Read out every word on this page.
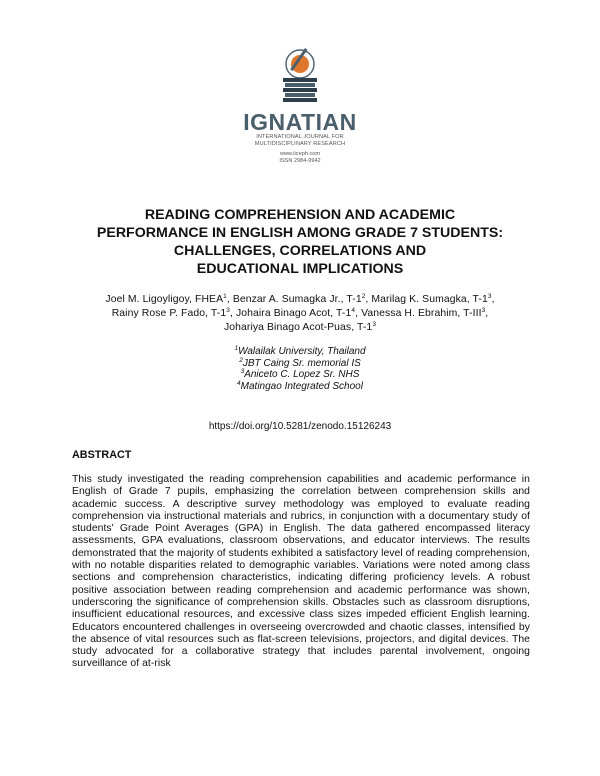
IGNATIAN
INTERNATIONAL JOURNAL FOR
MULTIDISCIPLINARY RESEARCH
www.iiceph.com
ISSN 2984-9942
READING COMPREHENSION AND ACADEMIC
PERFORMANCE IN ENGLISH AMONG GRADE 7 STUDENTS:
CHALLENGES, CORRELATIONS AND
EDUCATIONAL IMPLICATIONS
Joel M. Ligoyligoy, FHEA$^1$, Benzar A. Sumagka Jr., $T-1^2$, Marilag K. Sumagka, $T-1^3$,
Rainy Rose P. Fado, $T-1^3$, Johaira Binago Acot, $T-1^4$, Vanessa H. Ebrahim, T-III$^3$,
Johariya Binago Acot-Puas, $T-1^3$
$^1$Walailak University, Thailand
$^2$JBT Caing Sr. memorial IS
$^3$Aniceto C. Lopez Sr. NHS
$^4$Matingao Integrated School
https://doi.org/10.5281/zenodo.15126243
ABSTRACT
This study investigated the reading comprehension capabilities and academic performance in English of Grade 7 pupils, emphasizing the correlation between comprehension skills and academic success. A descriptive survey methodology was employed to evaluate reading comprehension via instructional materials and rubrics, in conjunction with a documentary study of students' Grade Point Averages (GPA) in English. The data gathered encompassed literacy assessments, GPA evaluations, classroom observations, and educator interviews. The results demonstrated that the majority of students exhibited a satisfactory level of reading comprehension, with no notable disparities related to demographic variables. Variations were noted among class sections and comprehension characteristics, indicating differing proficiency levels. A robust positive association between reading comprehension and academic performance was shown, underscoring the significance of comprehension skills. Obstacles such as classroom disruptions, insufficient educational resources, and excessive class sizes impeded efficient English learning. Educators encountered challenges in overseeing overcrowded and chaotic classes, intensified by the absence of vital resources such as flat-screen televisions, projectors, and digital devices. The study advocated for a collaborative strategy that includes parental involvement, ongoing surveillance of at-risk
